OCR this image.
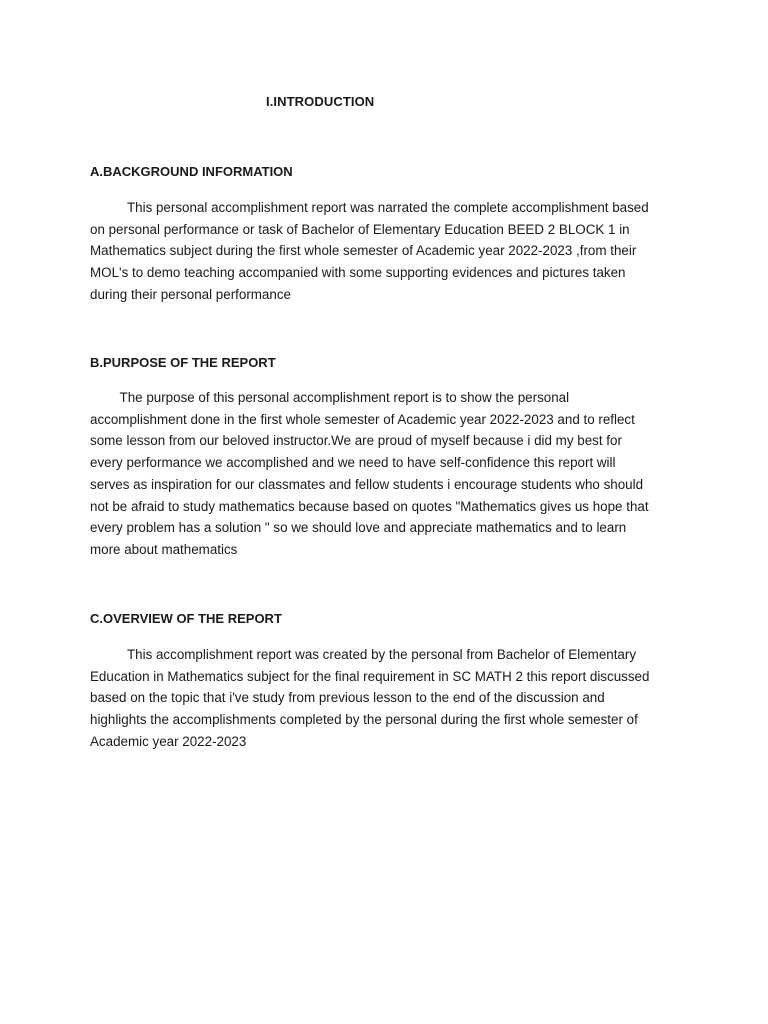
I.INTRODUCTION
A.BACKGROUND INFORMATION
This personal accomplishment report was narrated the complete accomplishment based
on personal performance or task of Bachelor of Elementary Education BEED 2 BLOCK 1 in
Mathematics subject during the first whole semester of Academic year 2022-2023 ,from their
MOL's to demo teaching accompanied with some supporting evidences and pictures taken
during their personal performance
B.PURPOSE OF THE REPORT
The purpose of this personal accomplishment report is to show the personal
accomplishment done in the first whole semester of Academic year 2022-2023 and to reflect
some lesson from our beloved instructor.We are proud of myself because i did my best for
every performance we accomplished and we need to have self-confidence this report will
serves as inspiration for our classmates and fellow students i encourage students who should
not be afraid to study mathematics because based on quotes "Mathematics gives us hope that
every problem has a solution " so we should love and appreciate mathematics and to learn
more about mathematics
C.OVERVIEW OF THE REPORT
This accomplishment report was created by the personal from Bachelor of Elementary
Education in Mathematics subject for the final requirement in SC MATH 2 this report discussed
based on the topic that i've study from previous lesson to the end of the discussion and
highlights the accomplishments completed by the personal during the first whole semester of
Academic year 2022-2023
